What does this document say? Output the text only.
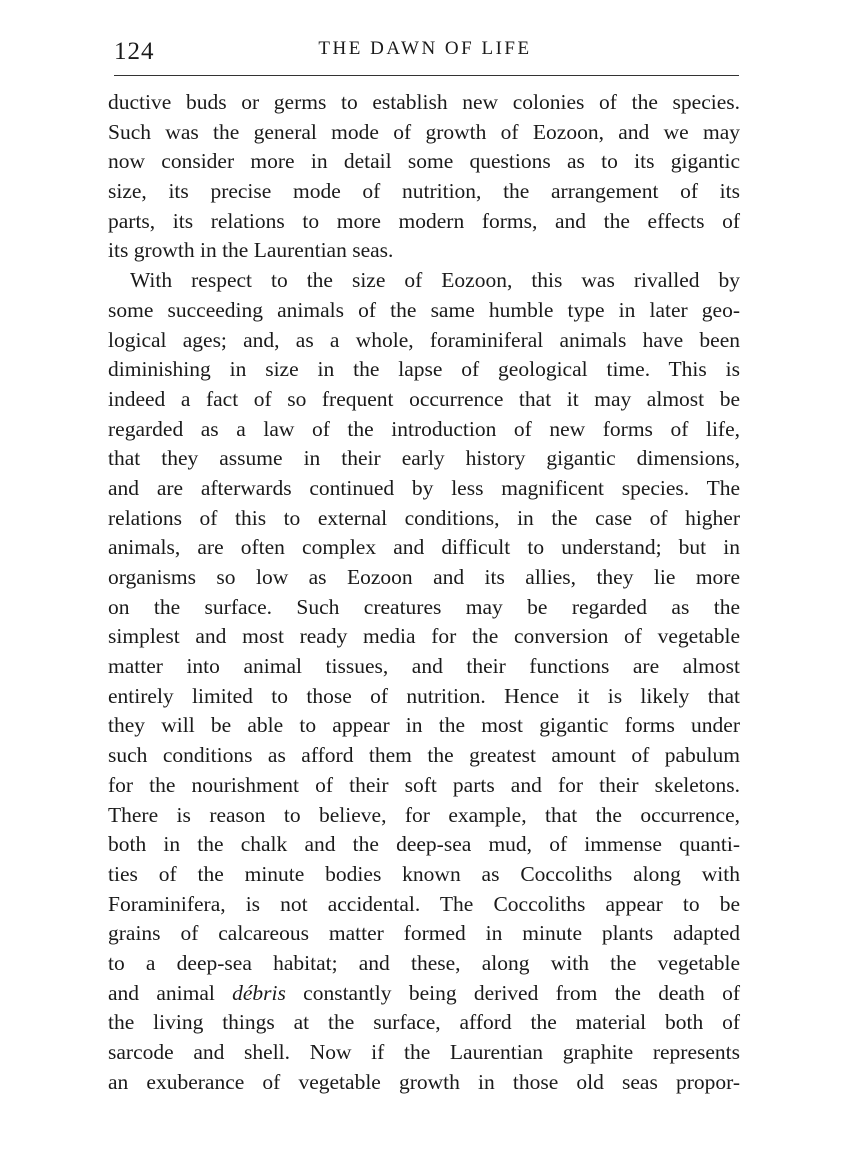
124	THE DAWN OF LIFE
ductive buds or germs to establish new colonies of the species.
Such was the general mode of growth of Eozoon, and we may
now consider more in detail some questions as to its gigantic
size, its precise mode of nutrition, the arrangement of its
parts, its relations to more modern forms, and the effects of
its growth in the Laurentian seas.
With respect to the size of Eozoon, this was rivalled by
some succeeding animals of the same humble type in later geo-
logical ages; and, as a whole, foraminiferal animals have been
diminishing in size in the lapse of geological time. This is
indeed a fact of so frequent occurrence that it may almost be
regarded as a law of the introduction of new forms of life,
that they assume in their early history gigantic dimensions,
and are afterwards continued by less magnificent species. The
relations of this to external conditions, in the case of higher
animals, are often complex and difficult to understand; but in
organisms so low as Eozoon and its allies, they lie more
on the surface. Such creatures may be regarded as the
simplest and most ready media for the conversion of vegetable
matter into animal tissues, and their functions are almost
entirely limited to those of nutrition. Hence it is likely that
they will be able to appear in the most gigantic forms under
such conditions as afford them the greatest amount of pabulum
for the nourishment of their soft parts and for their skeletons.
There is reason to believe, for example, that the occurrence,
both in the chalk and the deep-sea mud, of immense quanti-
ties of the minute bodies known as Coccoliths along with
Foraminifera, is not accidental. The Coccoliths appear to be
grains of calcareous matter formed in minute plants adapted
to a deep-sea habitat; and these, along with the vegetable
and animal débris constantly being derived from the death of
the living things at the surface, afford the material both of
sarcode and shell. Now if the Laurentian graphite represents
an exuberance of vegetable growth in those old seas propor-
